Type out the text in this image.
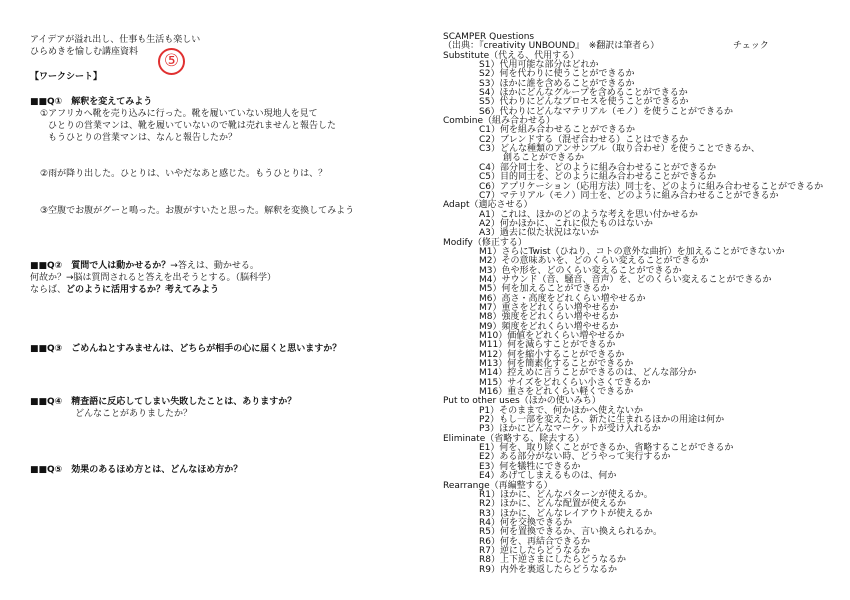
アイデアが溢れ出し、仕事も生活も楽しい
ひらめきを愉しむ講座資料	⑤
【ワークシート】
■■Q①　解釈を変えてみよう
①アフリカへ靴を売り込みに行った。靴を履いていない現地人を見て
ひとりの営業マンは、靴を履いていないので靴は売れませんと報告した
もうひとりの営業マンは、なんと報告したか？
②雨が降り出した。ひとりは、いやだなあと感じた。もうひとりは、？
③空腹でお腹がグーと鳴った。お腹がすいたと思った。解釈を変換してみよう
■■Q②　質問で人は動かせるか？→答えは、動かせる。
何故か？→脳は質問されると答えを出そうとする。（脳科学）
ならば、どのように活用するか？考えてみよう
■■Q③　ごめんねとすみませんは、どちらが相手の心に届くと思いますか？
■■Q④　精査語に反応してしまい失敗したことは、ありますか？
どんなことがありましたか？
■■Q⑤　効果のあるほめ方とは、どんなほめ方か？
SCAMPER Questions
（出典：『creativity UNBOUND』　※翻訳は筆者ら）	チェック
Substitute（代える、代用する）
S1）代用可能な部分はどれか
S2）何を代わりに使うことができるか
S3）ほかに誰を含めることができるか
S4）ほかにどんなグループを含めることができるか
S5）代わりにどんなプロセスを使うことができるか
S6）代わりにどんなマテリアル（モノ）を使うことができるか
Combine（組み合わせる）
C1）何を組み合わせることができるか
C2）ブレンドする（混ぜ合わせる）ことはできるか
C3）どんな種類のアンサンブル（取り合わせ）を使うことできるか、
創ることができるか
C4）部分同士を、どのように組み合わせることができるか
C5）目的同士を、どのように組み合わせることができるか
C6）アプリケーション（応用方法）同士を、どのように組み合わせることができるか
C7）マテリアル（モノ）同士を、どのように組み合わせることができるか
Adapt（適応させる）
A1）これは、ほかのどのような考えを思い付かせるか
A2）何かほかに、これに似たものはないか
A3）過去に似た状況はないか
Modify（修正する）
M1）さらにTwist（ひねり、コトの意外な曲折）を加えることができないか
M2）その意味あいを、どのくらい変えることができるか
M3）色や形を、どのくらい変えることができるか
M4）サウンド（音、騒音、音声）を、どのくらい変えることができるか
M5）何を加えることができるか
M6）高さ・高度をどれくらい増やせるか
M7）重さをどれくらい増やせるか
M8）強度をどれくらい増やせるか
M9）頻度をどれくらい増やせるか
M10）価値をどれくらい増やせるか
M11）何を減らすことができるか
M12）何を縮小することができるか
M13）何を簡素化することができるか
M14）控えめに言うことができるのは、どんな部分か
M15）サイズをどれくらい小さくできるか
M16）重さをどれくらい軽くできるか
Put to other uses（ほかの使いみち）
P1）そのままで、何かほかへ使えないか
P2）もし一部を変えたら、新たに生まれるほかの用途は何か
P3）ほかにどんなマーケットが受け入れるか
Eliminate（省略する、除去する）
E1）何を、取り除くことができるか、省略することができるか
E2）ある部分がない時、どうやって実行するか
E3）何を犠牲にできるか
E4）あげてしまえるものは、何か
Rearrange（再編整する）
R1）ほかに、どんなパターンが使えるか。
R2）ほかに、どんな配置が使えるか
R3）ほかに、どんなレイアウトが使えるか
R4）何を交換できるか
R5）何を置換できるか、言い換えられるか。
R6）何を、再結合できるか
R7）逆にしたらどうなるか
R8）上下逆さまにしたらどうなるか
R9）内外を裏返したらどうなるか
